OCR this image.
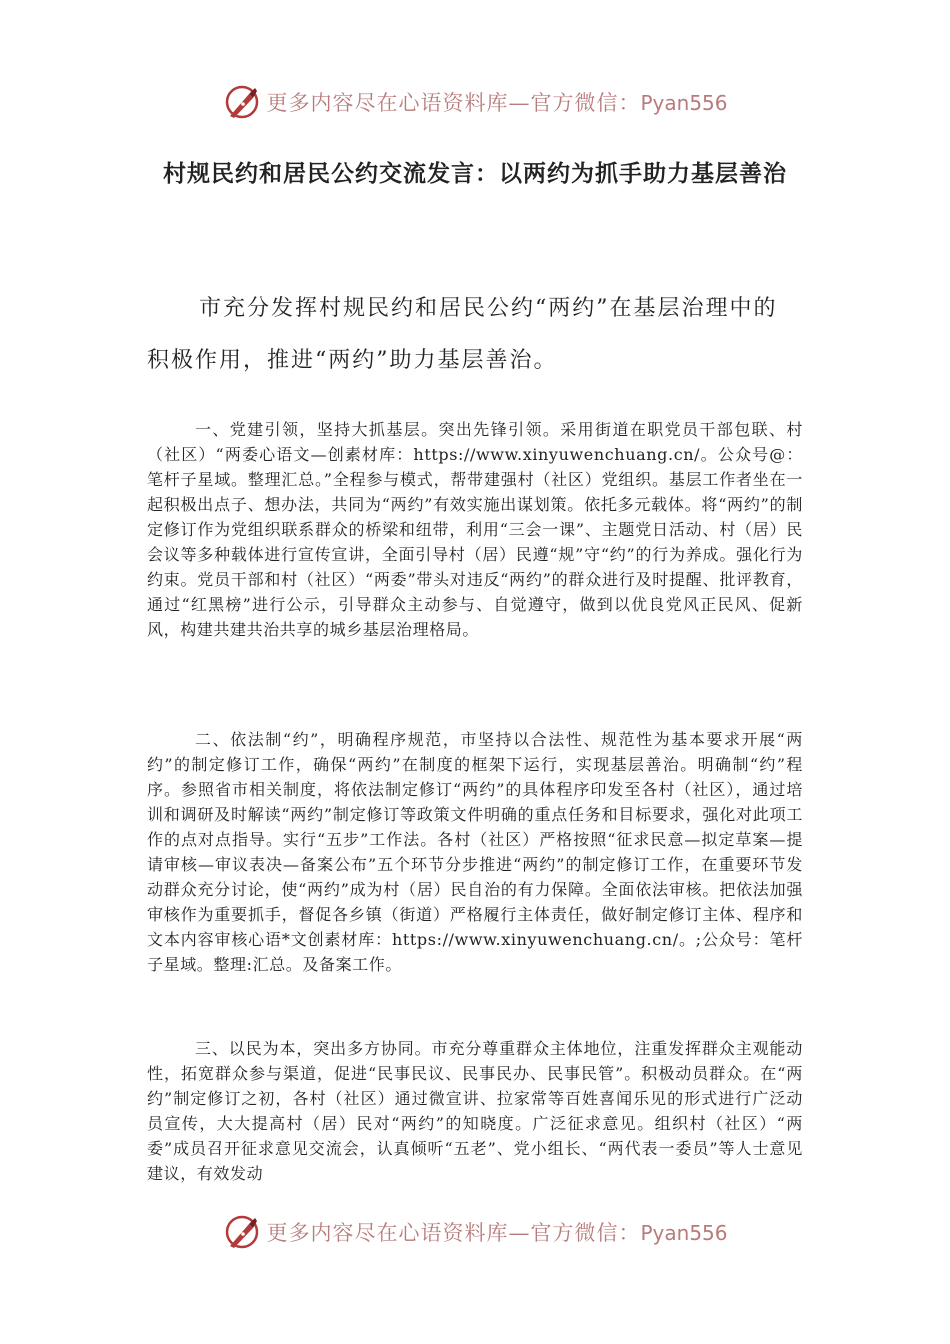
更多内容尽在心语资料库—官方微信：Pyan556
村规民约和居民公约交流发言：以两约为抓手助力基层善治
市充分发挥村规民约和居民公约“两约”在基层治理中的积极作用，推进“两约”助力基层善治。
一、党建引领，坚持大抓基层。突出先锋引领。采用街道在职党员干部包联、村（社区）“两委心语文—创素材库：https://www.xinyuwenchuang.cn/。公众号@：笔杆子星域。整理汇总。”全程参与模式，帮带建强村（社区）党组织。基层工作者坐在一起积极出点子、想办法，共同为“两约”有效实施出谋划策。依托多元载体。将“两约”的制定修订作为党组织联系群众的桥梁和纽带，利用“三会一课”、主题党日活动、村（居）民会议等多种载体进行宣传宣讲，全面引导村（居）民遵“规”守“约”的行为养成。强化行为约束。党员干部和村（社区）“两委”带头对违反“两约”的群众进行及时提醒、批评教育，通过“红黑榜”进行公示，引导群众主动参与、自觉遵守，做到以优良党风正民风、促新风，构建共建共治共享的城乡基层治理格局。
二、依法制“约”，明确程序规范，市坚持以合法性、规范性为基本要求开展“两约”的制定修订工作，确保“两约”在制度的框架下运行，实现基层善治。明确制“约”程序。参照省市相关制度，将依法制定修订“两约”的具体程序印发至各村（社区），通过培训和调研及时解读“两约”制定修订等政策文件明确的重点任务和目标要求，强化对此项工作的点对点指导。实行“五步”工作法。各村（社区）严格按照“征求民意—拟定草案—提请审核—审议表决—备案公布”五个环节分步推进“两约”的制定修订工作，在重要环节发动群众充分讨论，使“两约”成为村（居）民自治的有力保障。全面依法审核。把依法加强审核作为重要抓手，督促各乡镇（街道）严格履行主体责任，做好制定修订主体、程序和文本内容审核心语*文创素材库：https://www.xinyuwenchuang.cn/。;公众号：笔杆子星域。整理:汇总。及备案工作。
三、以民为本，突出多方协同。市充分尊重群众主体地位，注重发挥群众主观能动性，拓宽群众参与渠道，促进“民事民议、民事民办、民事民管”。积极动员群众。在“两约”制定修订之初，各村（社区）通过微宣讲、拉家常等百姓喜闻乐见的形式进行广泛动员宣传，大大提高村（居）民对“两约”的知晓度。广泛征求意见。组织村（社区）“两委”成员召开征求意见交流会，认真倾听“五老”、党小组长、“两代表一委员”等人士意见建议，有效发动
更多内容尽在心语资料库—官方微信：Pyan556
